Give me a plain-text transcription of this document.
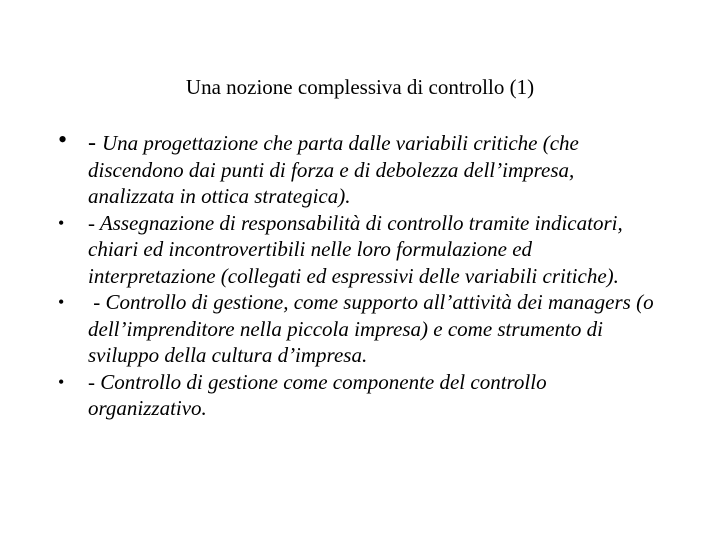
Una nozione complessiva di controllo (1)
• - Una progettazione che parta dalle variabili critiche (che discendono dai punti di forza e di debolezza dell’impresa, analizzata in ottica strategica).
• - Assegnazione di responsabilità di controllo tramite indicatori, chiari ed incontrovertibili nelle loro formulazione ed interpretazione (collegati ed espressivi delle variabili critiche).
• - Controllo di gestione, come supporto all’attività dei managers (o dell’imprenditore nella piccola impresa) e come strumento di sviluppo della cultura d’impresa.
• - Controllo di gestione come componente del controllo organizzativo.
